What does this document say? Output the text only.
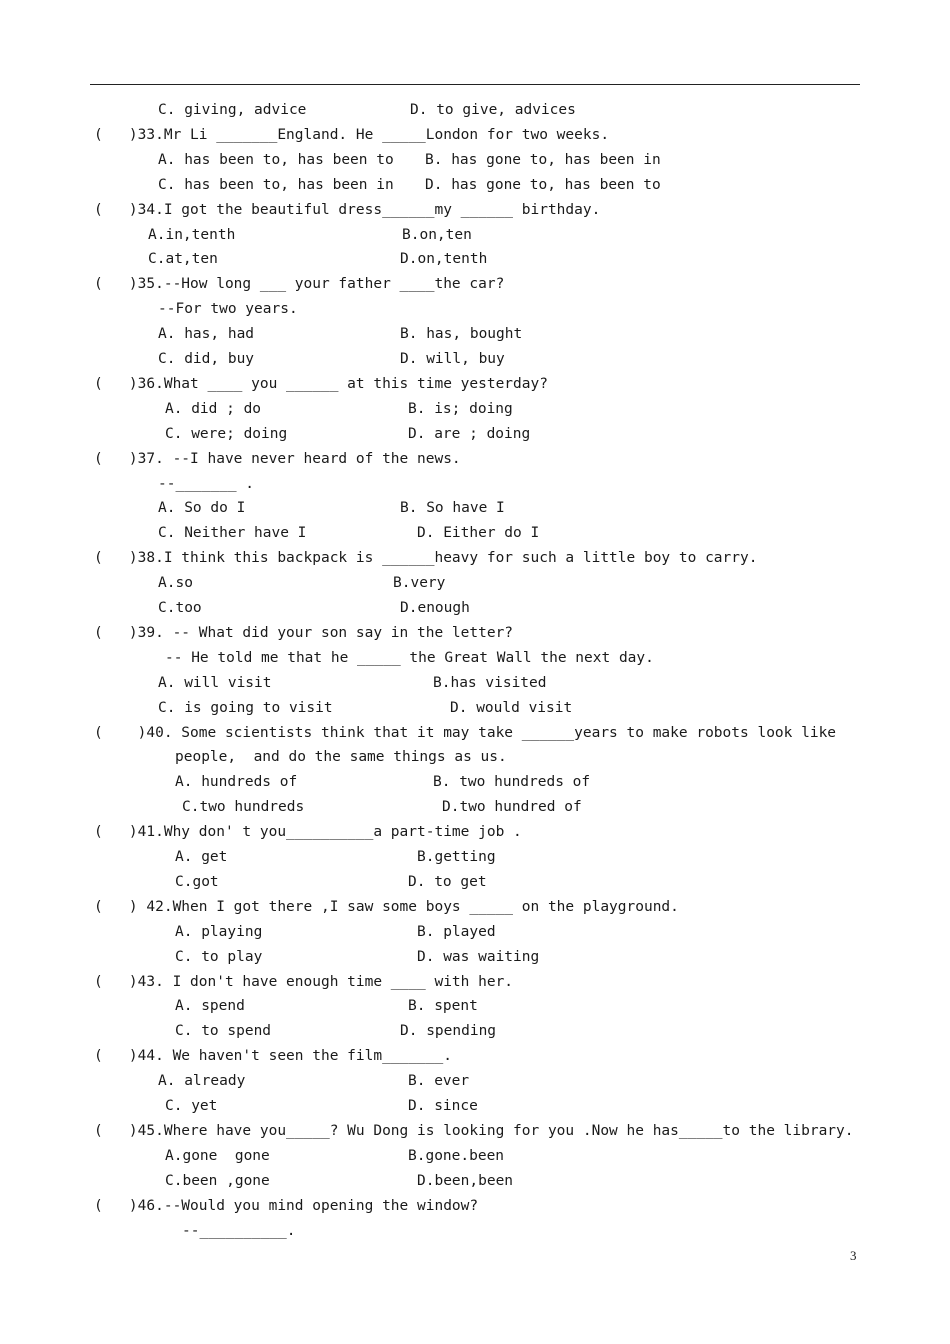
C. giving, advice
(   )33.Mr Li _______England. He _____London for two weeks.
A. has been to, has been to
C. has been to, has been in
(   )34.I got the beautiful dress______my ______ birthday.
A.in,tenth
C.at,ten
(   )35.--How long ___ your father ____the car?
--For two years.
A. has, had
C. did, buy
(   )36.What ____ you ______ at this time yesterday?
A. did ; do
C. were; doing
(   )37. --I have never heard of the news.
--_______ .
A. So do I
C. Neither have I
(   )38.I think this backpack is ______heavy for such a little boy to carry.
A.so
C.too
(   )39. -- What did your son say in the letter?
-- He told me that he _____ the Great Wall the next day.
A. will visit
C. is going to visit
(    )40. Some scientists think that it may take ______years to make robots look like
people,  and do the same things as us.
A. hundreds of
C.two hundreds
(   )41.Why don' t you__________a part-time job .
A. get
C.got
(   ) 42.When I got there ,I saw some boys _____ on the playground.
A. playing
C. to play
(   )43. I don't have enough time ____ with her.
A. spend
C. to spend
(   )44. We haven't seen the film_______.
A. already
C. yet
(   )45.Where have you_____? Wu Dong is looking for you .Now he has_____to the library.
A.gone  gone
C.been ,gone
(   )46.--Would you mind opening the window?
--__________.
D. to give, advices
B. has gone to, has been in
D. has gone to, has been to
B.on,ten
D.on,tenth
B. has, bought
D. will, buy
B. is; doing
D. are ; doing
B. So have I
D. Either do I
B.very
D.enough
B.has visited
D. would visit
B. two hundreds of
D.two hundred of
B.getting
D. to get
B. played
D. was waiting
B. spent
D. spending
B. ever
D. since
B.gone.been
D.been,been
3
